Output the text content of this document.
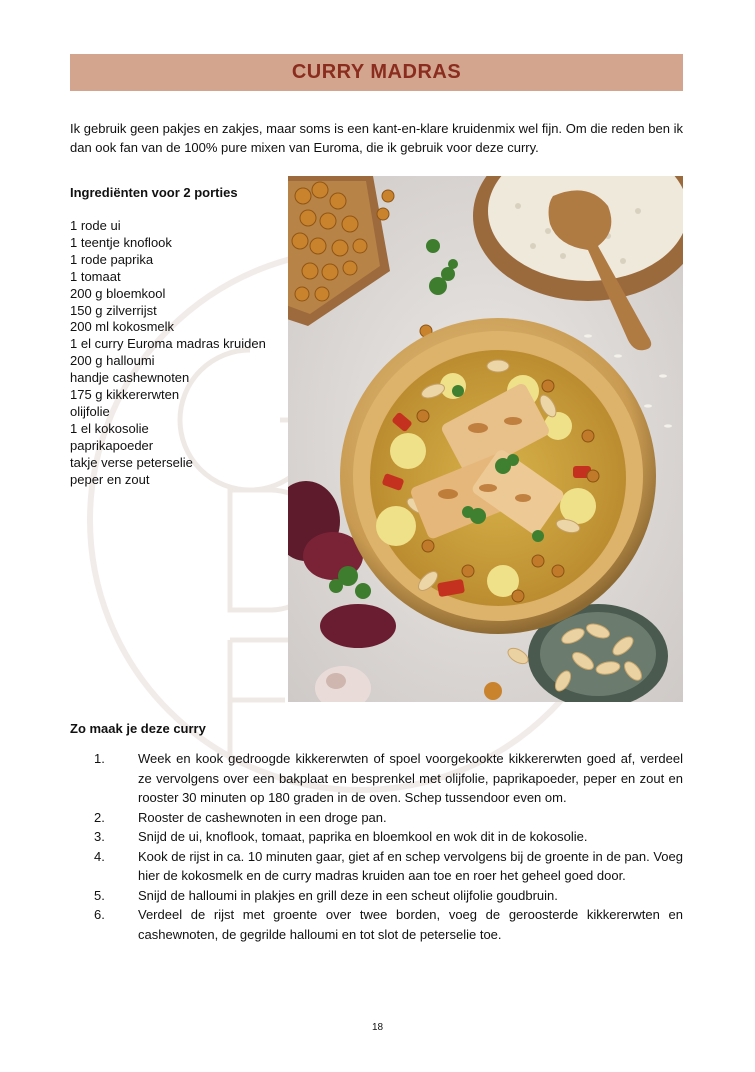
CURRY MADRAS

Ik gebruik geen pakjes en zakjes, maar soms is een kant-en-klare kruidenmix wel fijn. Om die reden ben ik dan ook fan van de 100% pure mixen van Euroma, die ik gebruik voor deze curry.

Ingrediënten voor 2 porties

1 rode ui
1 teentje knoflook
1 rode paprika
1 tomaat
200 g bloemkool
150 g zilverrijst
200 ml kokosmelk
1 el curry Euroma madras kruiden
200 g halloumi
handje cashewnoten
175 g kikkererwten
olijfolie
1 el kokosolie
paprikapoeder
takje verse peterselie
peper en zout

Zo maak je deze curry

1.	Week en kook gedroogde kikkererwten of spoel voorgekookte kikkererwten goed af, verdeel ze vervolgens over een bakplaat en besprenkel met olijfolie, paprikapoeder, peper en zout en rooster 30 minuten op 180 graden in de oven. Schep tussendoor even om.
2.	Rooster de cashewnoten in een droge pan.
3.	Snijd de ui, knoflook, tomaat, paprika en bloemkool en wok dit in de kokosolie.
4.	Kook de rijst in ca. 10 minuten gaar, giet af en schep vervolgens bij de groente in de pan. Voeg hier de kokosmelk en de curry madras kruiden aan toe en roer het geheel goed door.
5.	Snijd de halloumi in plakjes en grill deze in een scheut olijfolie goudbruin.
6.	Verdeel de rijst met groente over twee borden, voeg de geroosterde kikkererwten en cashewnoten, de gegrilde halloumi en tot slot de peterselie toe.

18
